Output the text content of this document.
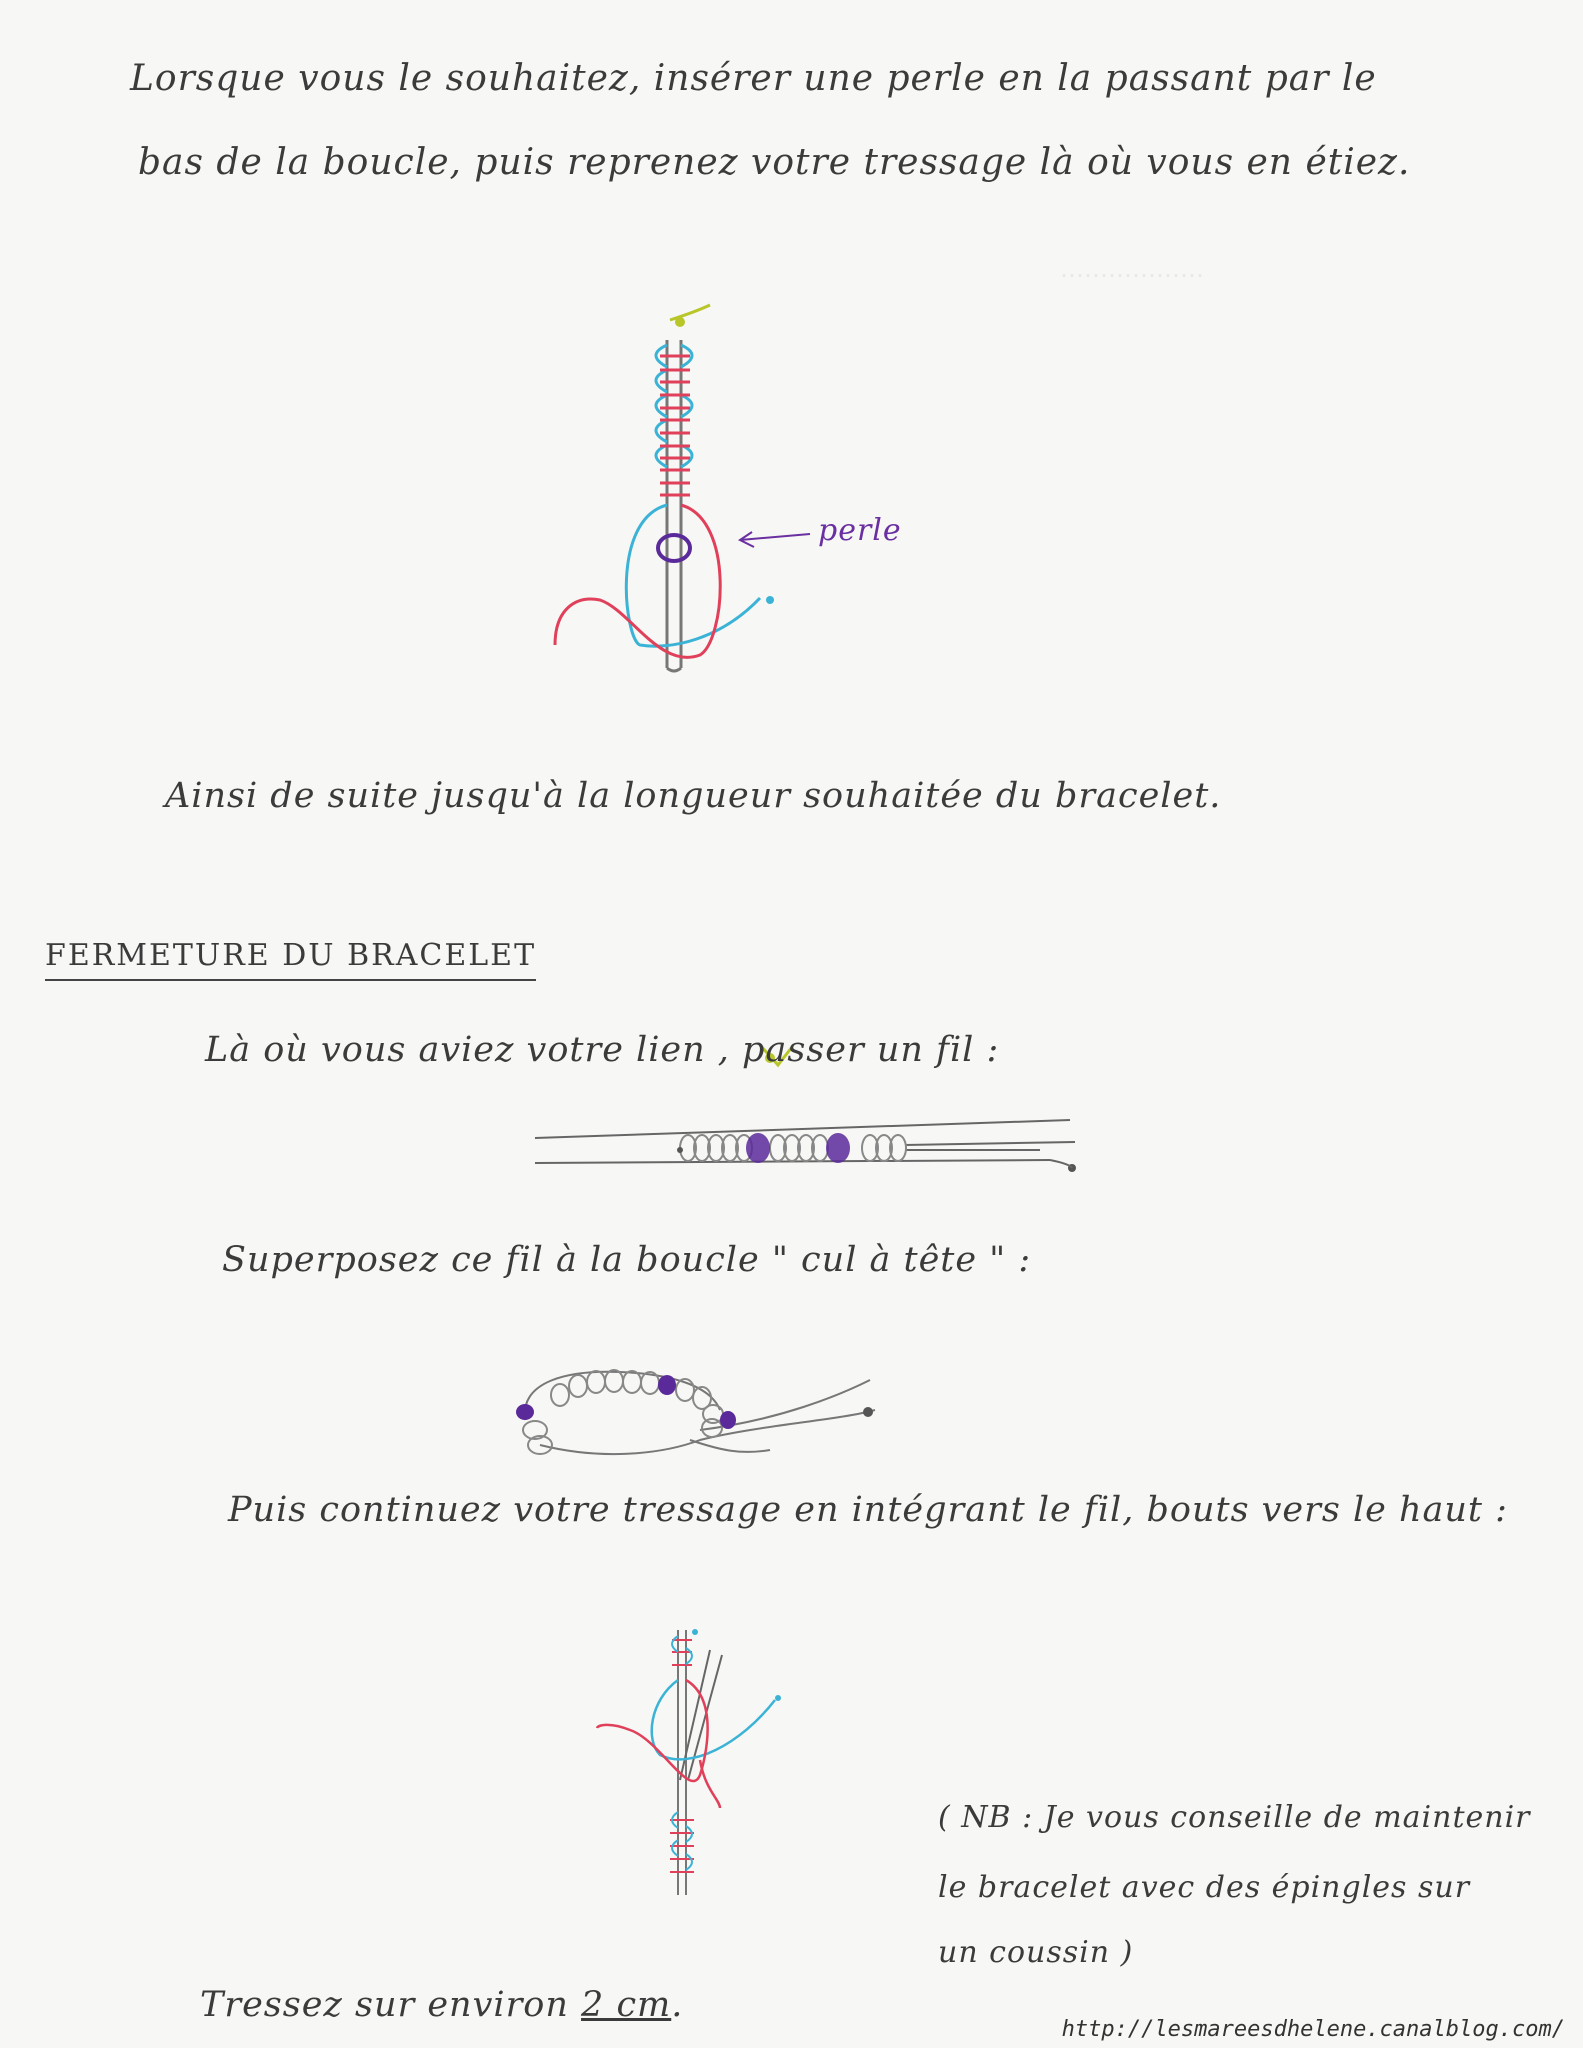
………………
Lorsque vous le souhaitez, insérer une perle en la passant par le
bas de la boucle, puis reprenez votre tressage là où vous en étiez.
perle
Ainsi de suite jusqu'à la longueur souhaitée du bracelet.
FERMETURE DU BRACELET
Là où vous aviez votre lien , passer un fil :
Superposez ce fil à la boucle " cul à tête " :
Puis continuez votre tressage en intégrant le fil, bouts vers le haut :
( NB : Je vous conseille de maintenir
le bracelet avec des épingles sur
un coussin )
Tressez sur environ 2 cm.
http://lesmareesdhelene.canalblog.com/
